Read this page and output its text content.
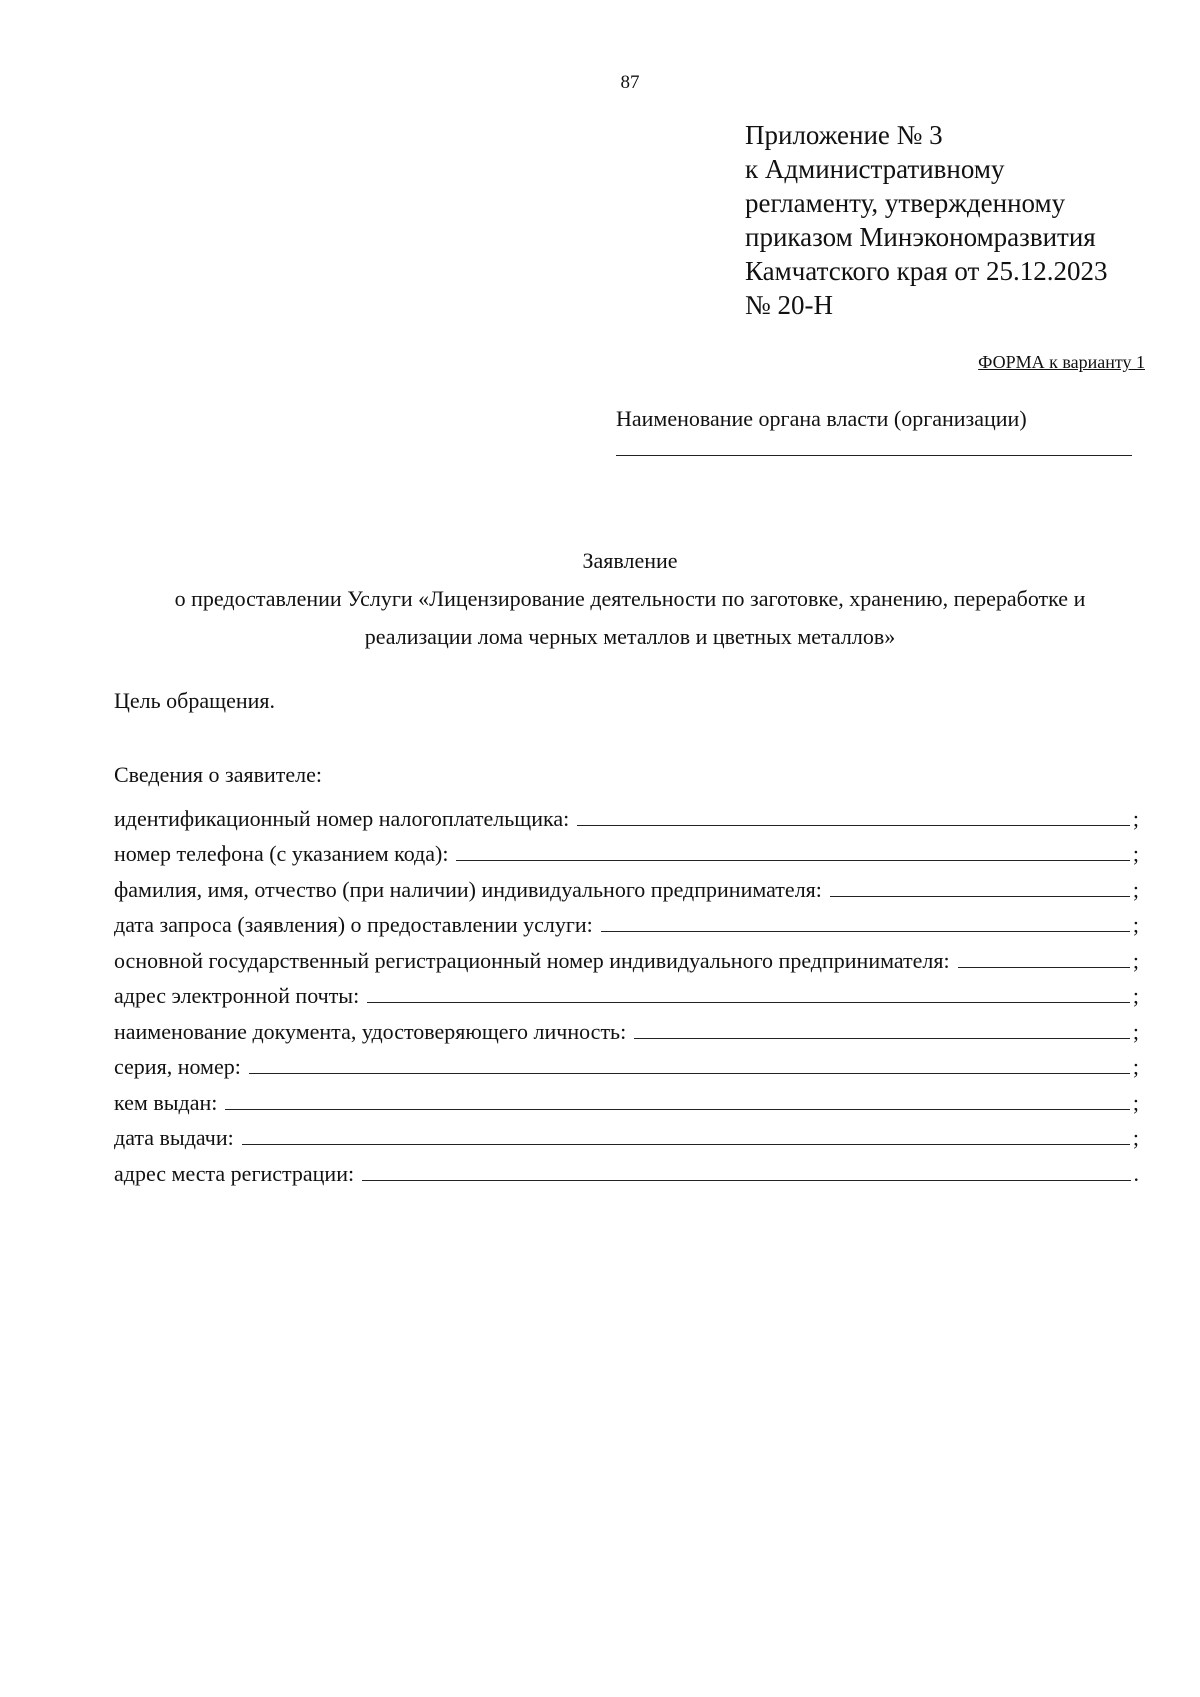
87
Приложение № 3
к Административному
регламенту, утвержденному
приказом Минэкономразвития
Камчатского края от 25.12.2023
№ 20-Н
ФОРМА к варианту 1
Наименование органа власти (организации)
Заявление
о предоставлении Услуги «Лицензирование деятельности по заготовке, хранению, переработке и
реализации лома черных металлов и цветных металлов»
Цель обращения.
Сведения о заявителе:
идентификационный номер налогоплательщика:	;
номер телефона (с указанием кода):	;
фамилия, имя, отчество (при наличии) индивидуального предпринимателя:	;
дата запроса (заявления) о предоставлении услуги:	;
основной государственный регистрационный номер индивидуального предпринимателя:	;
адрес электронной почты:	;
наименование документа, удостоверяющего личность:	;
серия, номер:	;
кем выдан:	;
дата выдачи:	;
адрес места регистрации:	.
